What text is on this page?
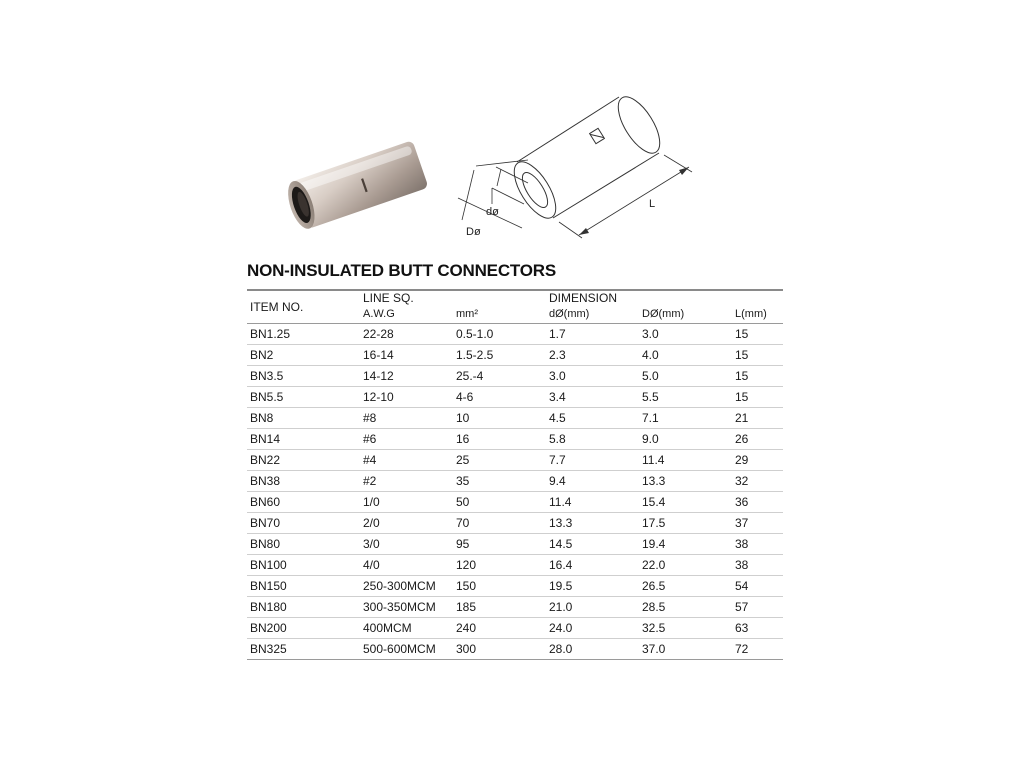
dø
Dø
L
NON-INSULATED BUTT CONNECTORS
ITEM NO.	LINE SQ.		DIMENSION		
	A.W.G	mm²	dØ(mm)	DØ(mm)	L(mm)
BN1.25	22-28	0.5-1.0	1.7	3.0	15
BN2	16-14	1.5-2.5	2.3	4.0	15
BN3.5	14-12	25.-4	3.0	5.0	15
BN5.5	12-10	4-6	3.4	5.5	15
BN8	#8	10	4.5	7.1	21
BN14	#6	16	5.8	9.0	26
BN22	#4	25	7.7	11.4	29
BN38	#2	35	9.4	13.3	32
BN60	1/0	50	11.4	15.4	36
BN70	2/0	70	13.3	17.5	37
BN80	3/0	95	14.5	19.4	38
BN100	4/0	120	16.4	22.0	38
BN150	250-300MCM	150	19.5	26.5	54
BN180	300-350MCM	185	21.0	28.5	57
BN200	400MCM	240	24.0	32.5	63
BN325	500-600MCM	300	28.0	37.0	72
